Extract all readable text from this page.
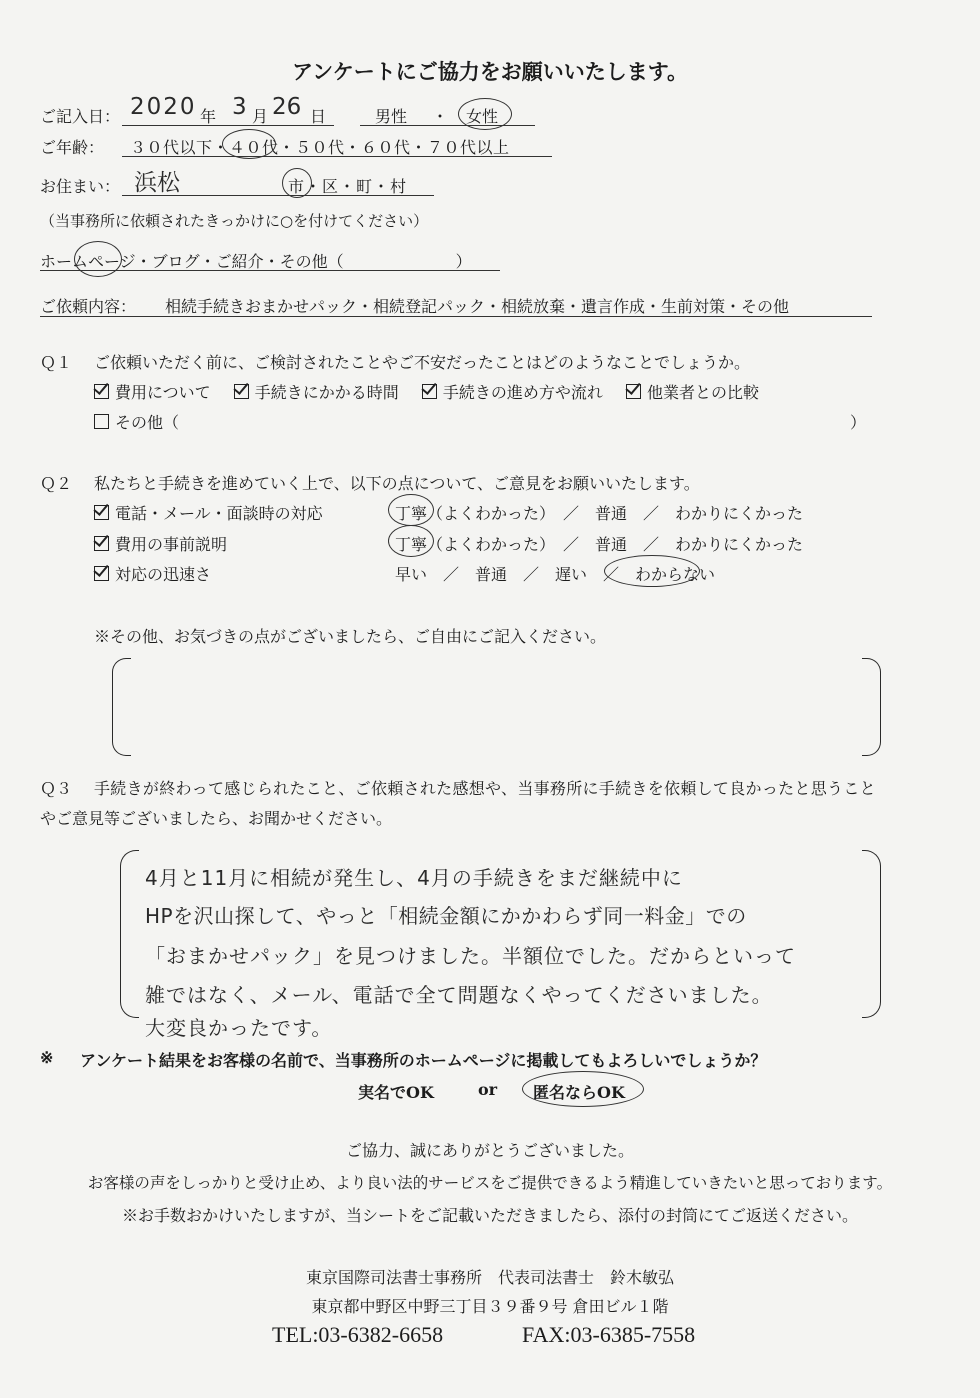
アンケートにご協力をお願いいたします。
ご記入日： 2020 年 3 月 26 日	男性 ・ 女性
ご年齢： ３０代以下・４０代・５０代・６０代・７０代以上
お住まい： 浜松	市・区・町・村
（当事務所に依頼されたきっかけに○を付けてください）
ホームページ・ブログ・ご紹介・その他（　　　　　　　）
ご依頼内容： 相続手続きおまかせパック・相続登記パック・相続放棄・遺言作成・生前対策・その他
Ｑ１ ご依頼いただく前に、ご検討されたことやご不安だったことはどのようなことでしょうか。
費用について	手続きにかかる時間	手続きの進め方や流れ	他業者との比較
その他（	）
Ｑ２ 私たちと手続きを進めていく上で、以下の点について、ご意見をお願いいたします。
電話・メール・面談時の対応	丁寧（よくわかった）　／　普通　／　わかりにくかった
費用の事前説明	丁寧（よくわかった）　／　普通　／　わかりにくかった
対応の迅速さ	早い　／　普通　／　遅い　／　わからない
※その他、お気づきの点がございましたら、ご自由にご記入ください。

Ｑ３ 手続きが終わって感じられたこと、ご依頼された感想や、当事務所に手続きを依頼して良かったと思うこと
やご意見等ございましたら、お聞かせください。
4月と11月に相続が発生し、4月の手続きをまだ継続中に
HPを沢山探して、やっと「相続金額にかかわらず同一料金」での
「おまかせパック」を見つけました。半額位でした。だからといって
雑ではなく、メール、電話で全て問題なくやってくださいました。
大変良かったです。
※ アンケート結果をお客様の名前で、当事務所のホームページに掲載してもよろしいでしょうか？
実名でOK	or 匿名ならOK
ご協力、誠にありがとうございました。
お客様の声をしっかりと受け止め、より良い法的サービスをご提供できるよう精進していきたいと思っております。
※お手数おかけいたしますが、当シートをご記載いただきましたら、添付の封筒にてご返送ください。
東京国際司法書士事務所　代表司法書士　鈴木敏弘
東京都中野区中野三丁目３９番９号 倉田ビル１階
TEL:03-6382-6658	FAX:03-6385-7558
